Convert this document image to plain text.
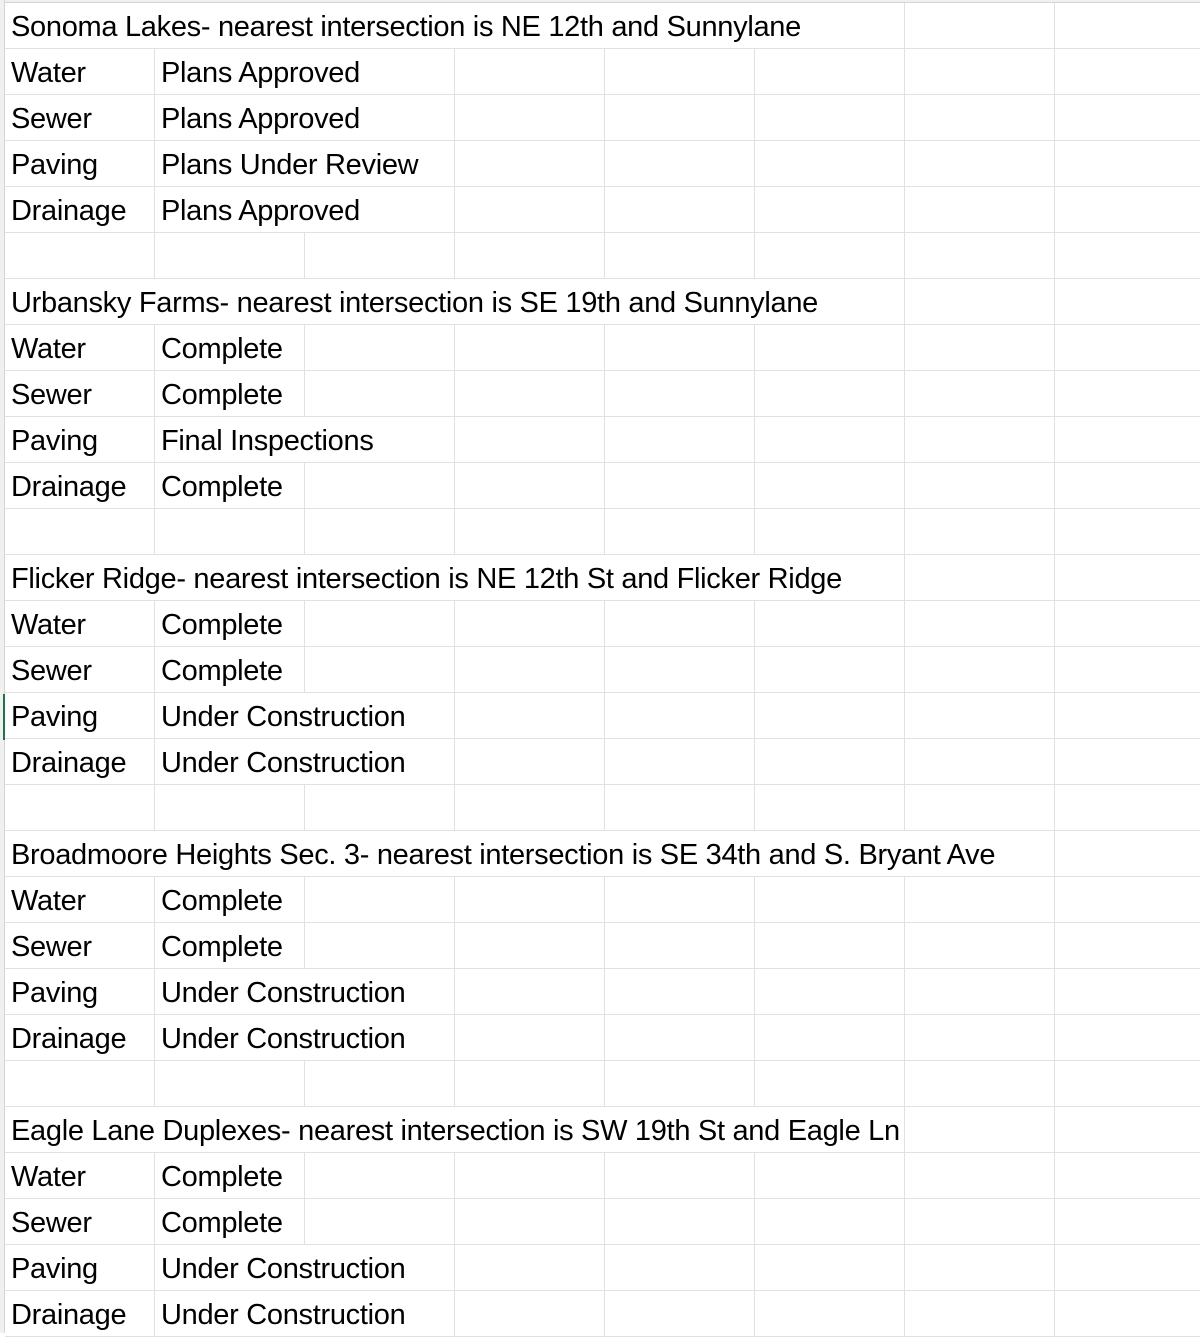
Sonoma Lakes- nearest intersection is NE 12th and Sunnylane
Water	Plans Approved
Sewer Plans Approved
Paving Plans Under Review
Drainage Plans Approved
Urbansky Farms- nearest intersection is SE 19th and Sunnylane
Water	Complete
Sewer Complete
Paving Final Inspections
Drainage Complete
Flicker Ridge- nearest intersection is NE 12th St and Flicker Ridge
Water	Complete
Sewer Complete
Paving Under Construction
Drainage Under Construction
Broadmoore Heights Sec. 3- nearest intersection is SE 34th and S. Bryant Ave
Water	Complete
Sewer Complete
Paving Under Construction
Drainage Under Construction
Eagle Lane Duplexes- nearest intersection is SW 19th St and Eagle Ln
Water	Complete
Sewer Complete
Paving Under Construction
Drainage Under Construction
